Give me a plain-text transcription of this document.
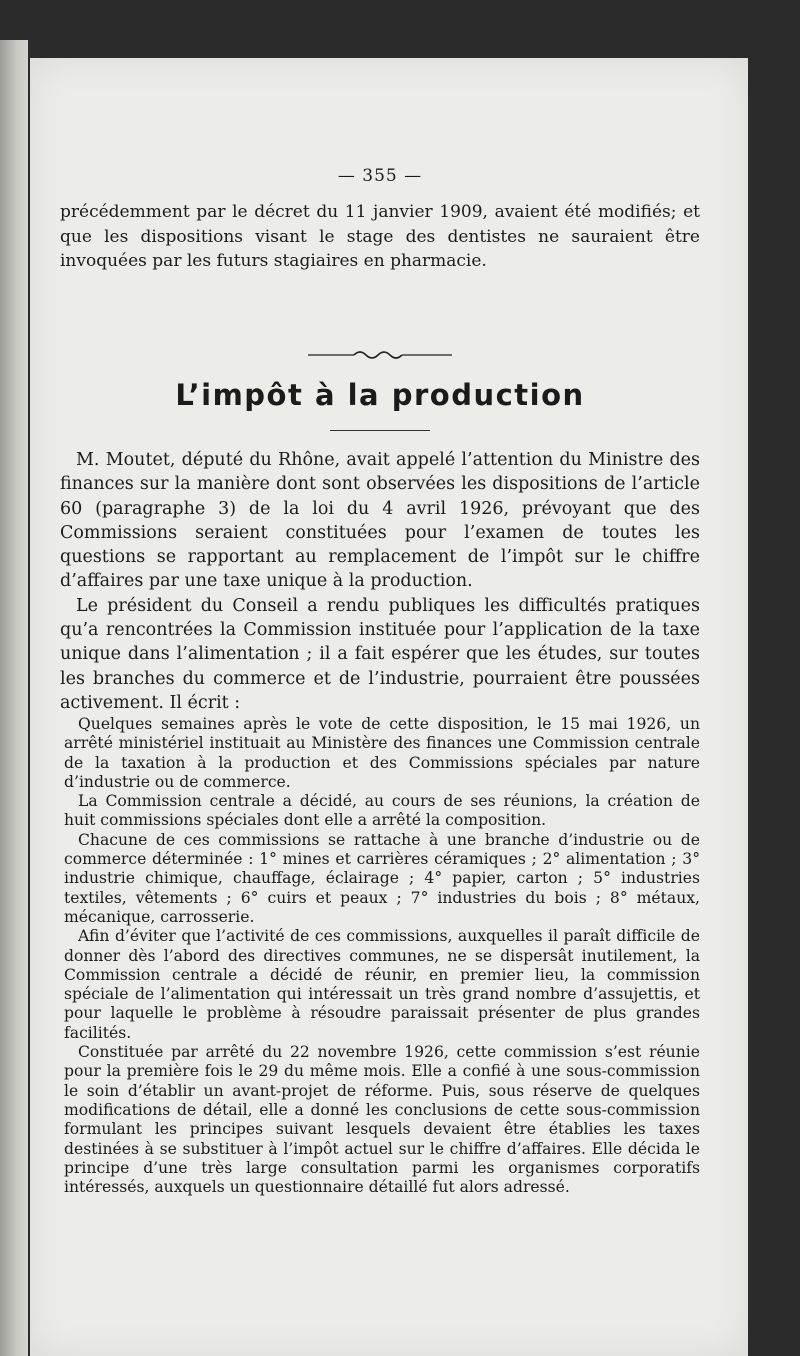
— 355 —
précédemment par le décret du 11 janvier 1909, avaient été modifiés; et que les dispositions visant le stage des dentistes ne sauraient être invoquées par les futurs stagiaires en pharmacie.
L’impôt à la production

M. Moutet, député du Rhône, avait appelé l’attention du Ministre des finances sur la manière dont sont observées les dispositions de l’article 60 (paragraphe 3) de la loi du 4 avril 1926, prévoyant que des Commissions seraient constituées pour l’examen de toutes les questions se rapportant au remplacement de l’impôt sur le chiffre d’affaires par une taxe unique à la production.

Le président du Conseil a rendu publiques les difficultés pratiques qu’a rencontrées la Commission instituée pour l’application de la taxe unique dans l’alimentation ; il a fait espérer que les études, sur toutes les branches du commerce et de l’industrie, pourraient être poussées activement. Il écrit :

Quelques semaines après le vote de cette disposition, le 15 mai 1926, un arrêté ministériel instituait au Ministère des finances une Commission centrale de la taxation à la production et des Commissions spéciales par nature d’industrie ou de commerce.

La Commission centrale a décidé, au cours de ses réunions, la création de huit commissions spéciales dont elle a arrêté la composition.

Chacune de ces commissions se rattache à une branche d’industrie ou de commerce déterminée : 1° mines et carrières céramiques ; 2° alimentation ; 3° industrie chimique, chauffage, éclairage ; 4° papier, carton ; 5° industries textiles, vêtements ; 6° cuirs et peaux ; 7° industries du bois ; 8° métaux, mécanique, carrosserie.

Afin d’éviter que l’activité de ces commissions, auxquelles il paraît difficile de donner dès l’abord des directives communes, ne se dispersât inutilement, la Commission centrale a décidé de réunir, en premier lieu, la commission spéciale de l’alimentation qui intéressait un très grand nombre d’assujettis, et pour laquelle le problème à résoudre paraissait présenter de plus grandes facilités.

Constituée par arrêté du 22 novembre 1926, cette commission s’est réunie pour la première fois le 29 du même mois. Elle a confié à une sous-commission le soin d’établir un avant-projet de réforme. Puis, sous réserve de quelques modifications de détail, elle a donné les conclusions de cette sous-commission formulant les principes suivant lesquels devaient être établies les taxes destinées à se substituer à l’impôt actuel sur le chiffre d’affaires. Elle décida le principe d’une très large consultation parmi les organismes corporatifs intéressés, auxquels un questionnaire détaillé fut alors adressé.
